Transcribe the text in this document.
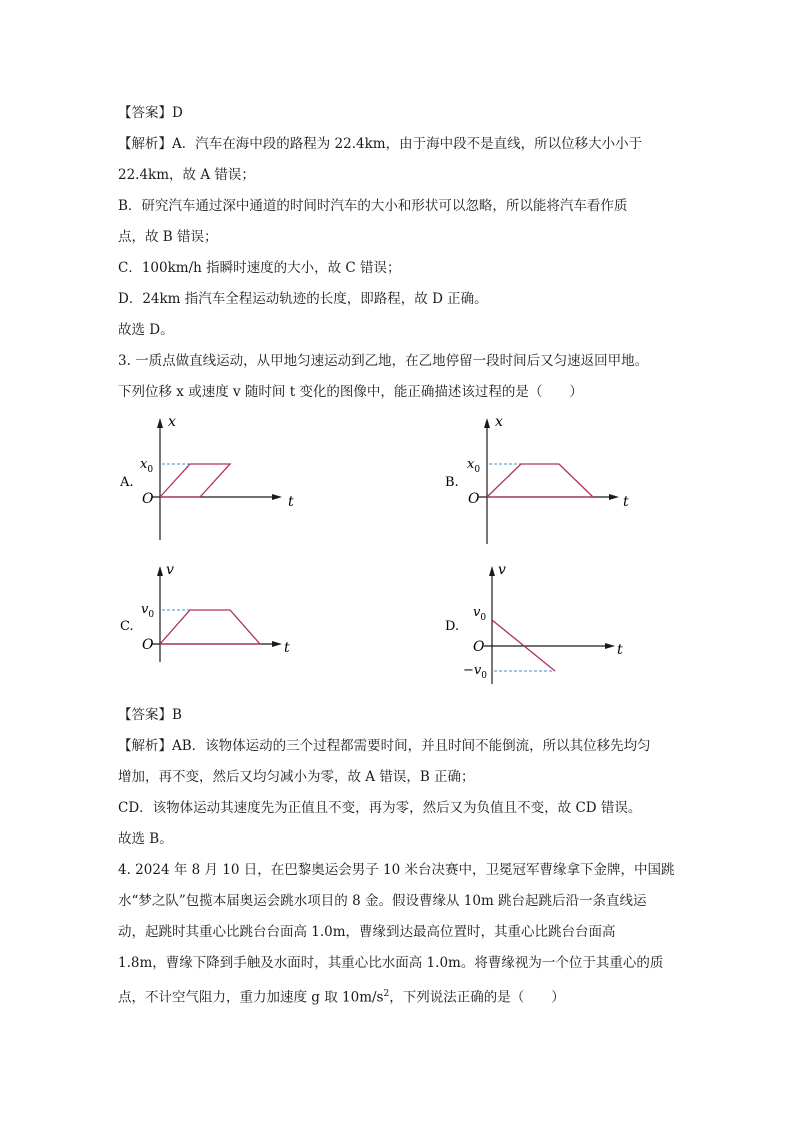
【答案】D
【解析】A．汽车在海中段的路程为 22.4km，由于海中段不是直线，所以位移大小小于
22.4km，故 A 错误；
B．研究汽车通过深中通道的时间时汽车的大小和形状可以忽略，所以能将汽车看作质
点，故 B 错误；
C．100km/h 指瞬时速度的大小，故 C 错误；
D．24km 指汽车全程运动轨迹的长度，即路程，故 D 正确。
故选 D。
3. 一质点做直线运动，从甲地匀速运动到乙地，在乙地停留一段时间后又匀速返回甲地。
下列位移 x 或速度 v 随时间 t 变化的图像中，能正确描述该过程的是（　　）
A.
x
t
O
$x_0$
B.
x
t
O
$x_0$
C.
v
t
O
$v_0$
D.
v
t
O
$v_0$
$-v_0$
【答案】B
【解析】AB．该物体运动的三个过程都需要时间，并且时间不能倒流，所以其位移先均匀
增加，再不变，然后又均匀减小为零，故 A 错误，B 正确；
CD．该物体运动其速度先为正值且不变，再为零，然后又为负值且不变，故 CD 错误。
故选 B。
4. 2024 年 8 月 10 日，在巴黎奥运会男子 10 米台决赛中，卫冕冠军曹缘拿下金牌，中国跳
水“梦之队”包揽本届奥运会跳水项目的 8 金。假设曹缘从 10m 跳台起跳后沿一条直线运
动，起跳时其重心比跳台台面高 1.0m，曹缘到达最高位置时，其重心比跳台台面高
1.8m，曹缘下降到手触及水面时，其重心比水面高 1.0m。将曹缘视为一个位于其重心的质
点，不计空气阻力，重力加速度 g 取 $10m/s^2$，下列说法正确的是（　　）
